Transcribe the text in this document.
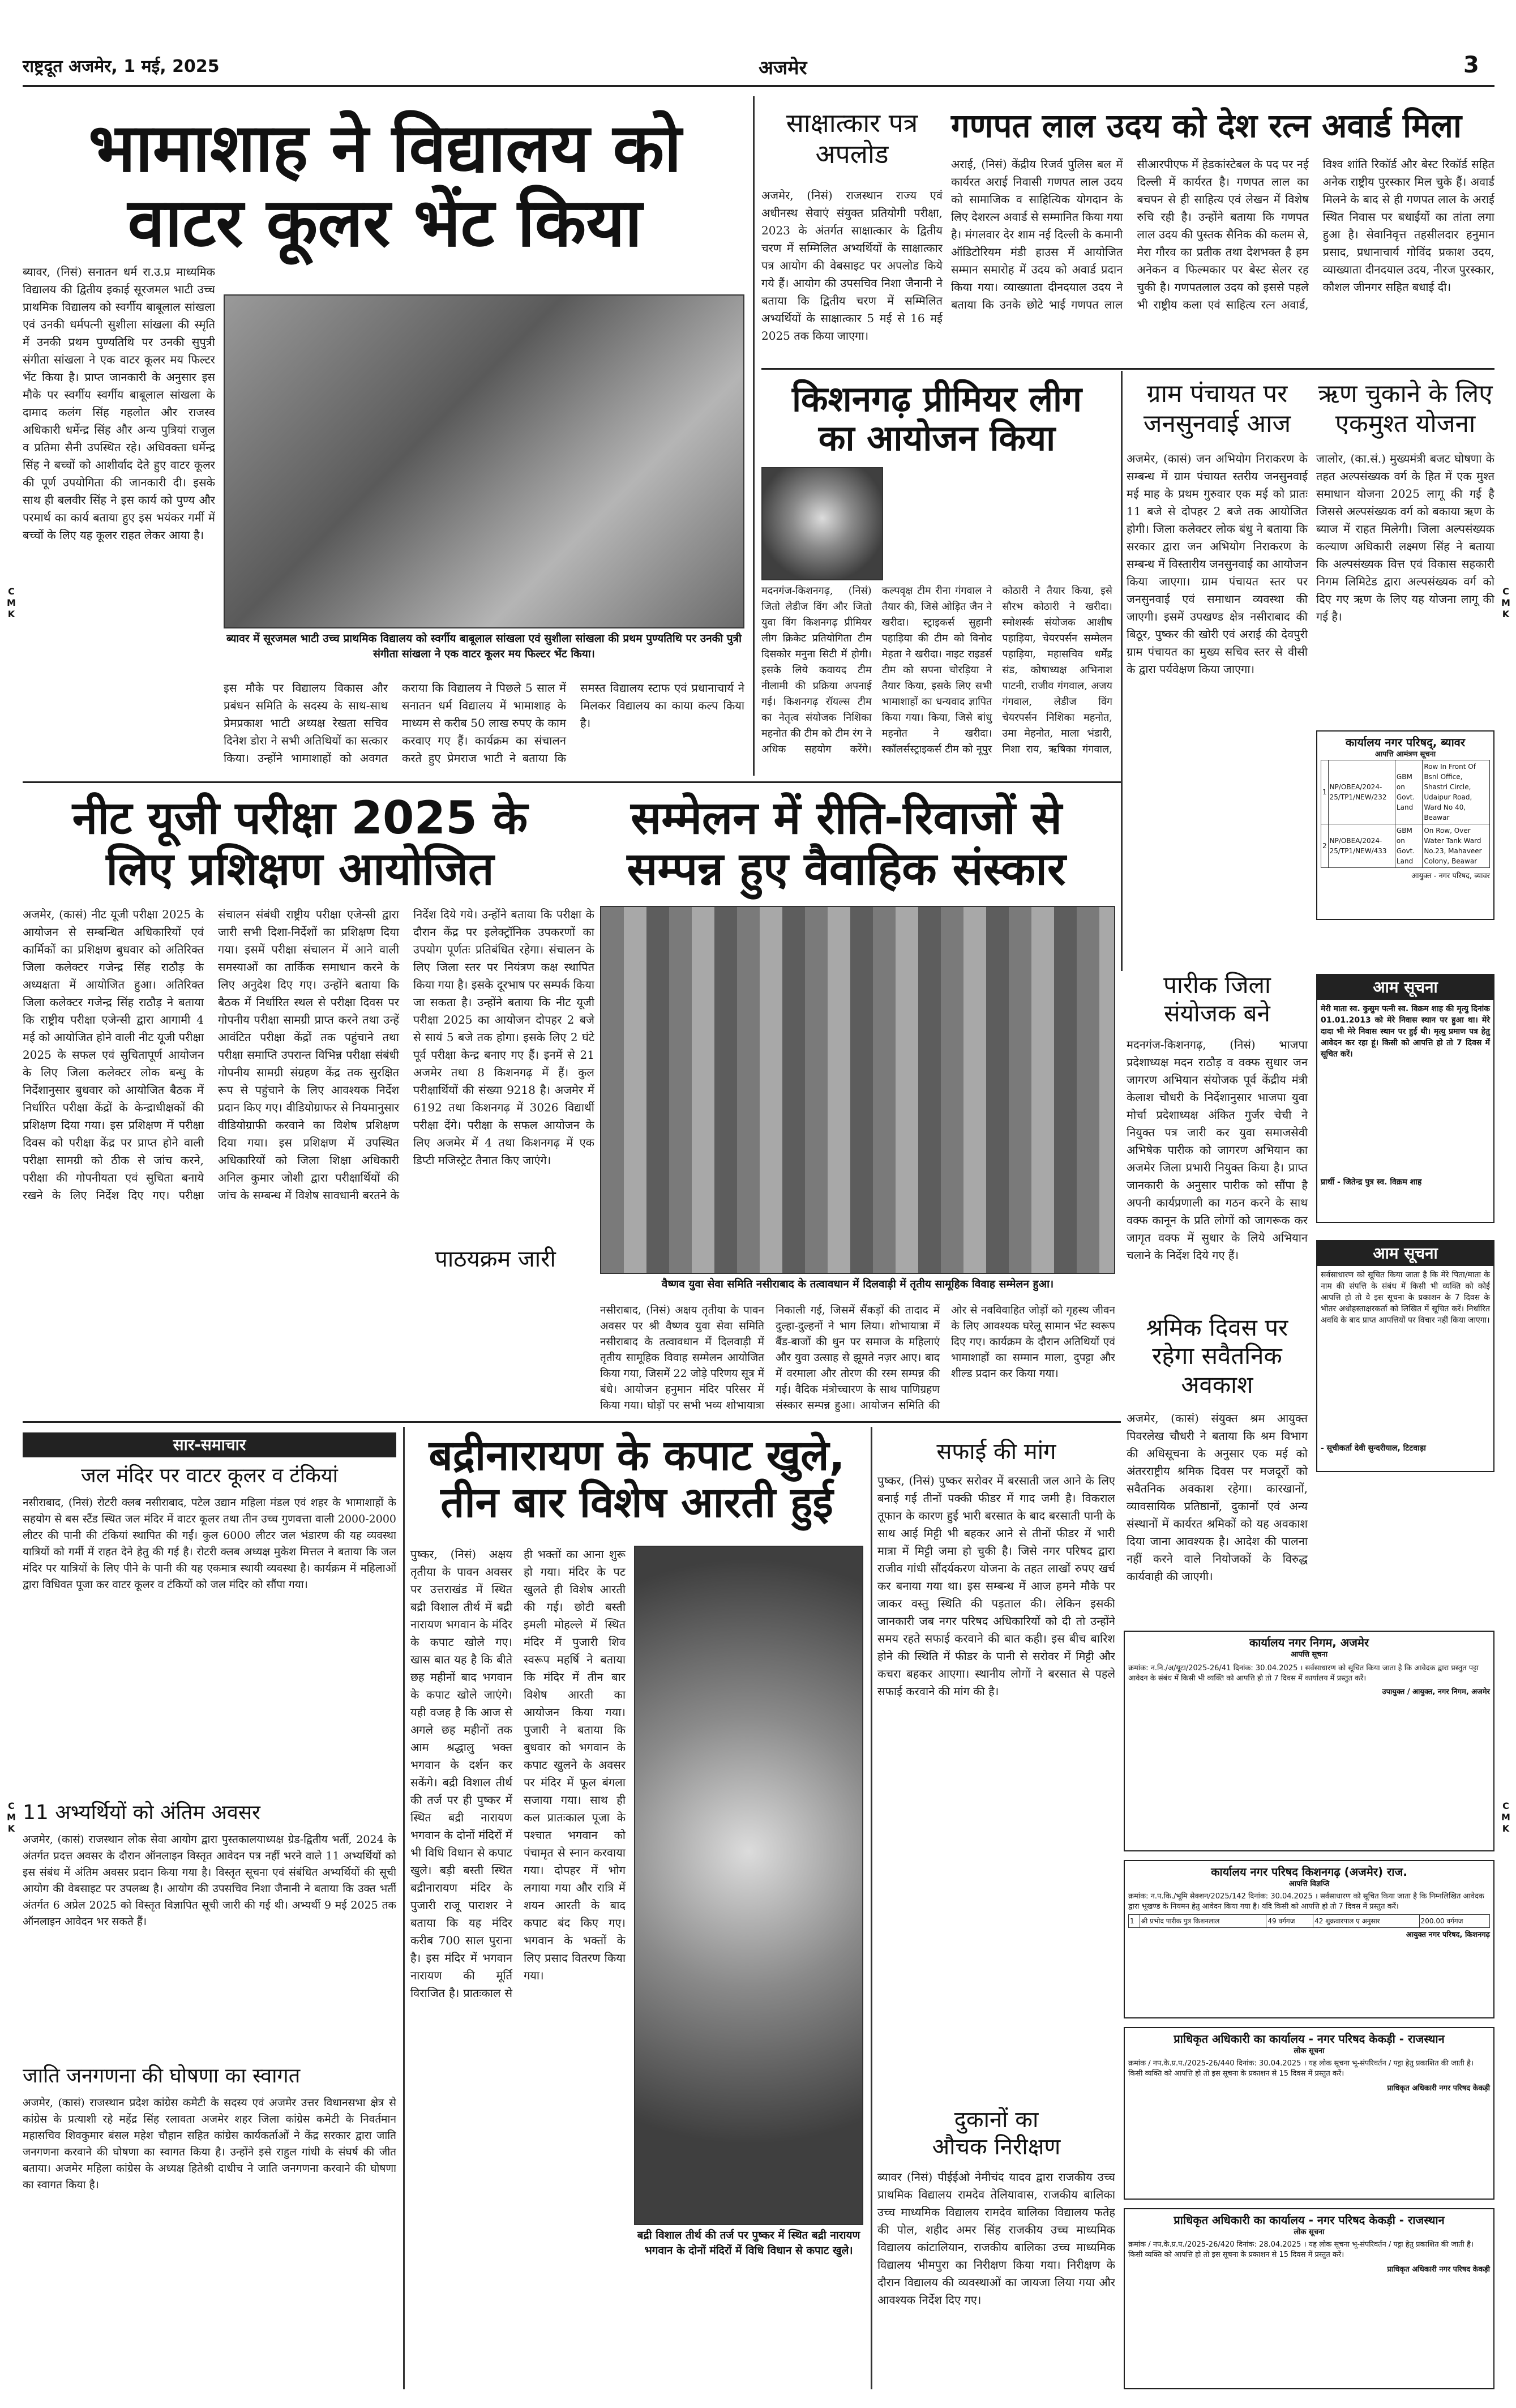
राष्ट्रदूत अजमेर, 1 मई, 2025	अजमेर	3
C
M
K
C
M
K
C
M
K
C
M
K
भामाशाह ने विद्यालय को
वाटर कूलर भेंट किया
ब्यावर, (निसं) सनातन धर्म रा.उ.प्र माध्यमिक विद्यालय की द्वितीय इकाई सूरजमल भाटी उच्च प्राथमिक विद्यालय को स्वर्गीय बाबूलाल सांखला एवं उनकी धर्मपत्नी सुशीला सांखला की स्मृति में उनकी प्रथम पुण्यतिथि पर उनकी सुपुत्री संगीता सांखला ने एक वाटर कूलर मय फिल्टर भेंट किया है। प्राप्त जानकारी के अनुसार इस मौके पर स्वर्गीय स्वर्गीय बाबूलाल सांखला के दामाद कलंग सिंह गहलोत और राजस्व अधिकारी धर्मेन्द्र सिंह और अन्य पुत्रियां राजुल व प्रतिमा सैनी उपस्थित रहे। अधिवक्ता धर्मेन्द्र सिंह ने बच्चों को आशीर्वाद देते हुए वाटर कूलर की पूर्ण उपयोगिता की जानकारी दी। इसके साथ ही बलवीर सिंह ने इस कार्य को पुण्य और परमार्थ का कार्य बताया हुए इस भयंकर गर्मी में बच्चों के लिए यह कूलर राहत लेकर आया है।
ब्यावर में सूरजमल भाटी उच्च प्राथमिक विद्यालय को स्वर्गीय बाबूलाल सांखला एवं सुशीला सांखला की प्रथम पुण्यतिथि पर उनकी पुत्री संगीता सांखला ने एक वाटर कूलर मय फिल्टर भेंट किया।
इस मौके पर विद्यालय विकास और प्रबंधन समिति के सदस्य के साथ-साथ प्रेमप्रकाश भाटी अध्यक्ष रेखता सचिव दिनेश डोरा ने सभी अतिथियों का सत्कार किया। उन्होंने भामाशाहों को अवगत कराया कि विद्यालय ने पिछले 5 साल में सनातन धर्म विद्यालय में भामाशाह के माध्यम से करीब 50 लाख रुपए के काम करवाए गए हैं। कार्यक्रम का संचालन करते हुए प्रेमराज भाटी ने बताया कि समस्त विद्यालय स्टाफ एवं प्रधानाचार्य ने मिलकर विद्यालय का काया कल्प किया है।
साक्षात्कार पत्र
अपलोड
अजमेर, (निसं) राजस्थान राज्य एवं अधीनस्थ सेवाएं संयुक्त प्रतियोगी परीक्षा, 2023 के अंतर्गत साक्षात्कार के द्वितीय चरण में सम्मिलित अभ्यर्थियों के साक्षात्कार पत्र आयोग की वेबसाइट पर अपलोड किये गये हैं। आयोग की उपसचिव निशा जैनानी ने बताया कि द्वितीय चरण में सम्मिलित अभ्यर्थियों के साक्षात्कार 5 मई से 16 मई 2025 तक किया जाएगा।
गणपत लाल उदय को देश रत्न अवार्ड मिला
अराई, (निसं) केंद्रीय रिजर्व पुलिस बल में कार्यरत अराई निवासी गणपत लाल उदय को सामाजिक व साहित्यिक योगदान के लिए देशरत्न अवार्ड से सम्मानित किया गया है। मंगलवार देर शाम नई दिल्ली के कमानी ऑडिटोरियम मंडी हाउस में आयोजित सम्मान समारोह में उदय को अवार्ड प्रदान किया गया। व्याख्याता दीनदयाल उदय ने बताया कि उनके छोटे भाई गणपत लाल सीआरपीएफ में हेडकांस्टेबल के पद पर नई दिल्ली में कार्यरत है। गणपत लाल का बचपन से ही साहित्य एवं लेखन में विशेष रुचि रही है। उन्होंने बताया कि गणपत लाल उदय की पुस्तक सैनिक की कलम से, मेरा गौरव का प्रतीक तथा देशभक्त है हम अनेकन व फिल्मकार पर बेस्ट सेलर रह चुकी है। गणपतलाल उदय को इससे पहले भी राष्ट्रीय कला एवं साहित्य रत्न अवार्ड, विश्व शांति रिकॉर्ड और बेस्ट रिकॉर्ड सहित अनेक राष्ट्रीय पुरस्कार मिल चुके हैं। अवार्ड मिलने के बाद से ही गणपत लाल के अराई स्थित निवास पर बधाईयों का तांता लगा हुआ है। सेवानिवृत्त तहसीलदार हनुमान प्रसाद, प्रधानाचार्य गोविंद प्रकाश उदय, व्याख्याता दीनदयाल उदय, नीरज पुरस्कार, कौशल जीनगर सहित बधाई दी।
किशनगढ़ प्रीमियर लीग
का आयोजन किया
मदनगंज-किशनगढ़, (निसं) जितो लेडीज विंग और जितो युवा विंग किशनगढ़ प्रीमियर लीग क्रिकेट प्रतियोगिता टीम दिसकोर मनुना सिटी में होगी। इसके लिये कवायद टीम नीलामी की प्रक्रिया अपनाई गई। किशनगढ़ रॉयल्स टीम का नेतृत्व संयोजक निशिका महनोत की टीम को टीम रंग ने अधिक सहयोग करेंगे। कल्पवृक्ष टीम रीना गंगवाल ने तैयार की, जिसे ओड़ित जैन ने खरीदा। स्ट्राइकर्स सुहानी पहाड़िया की टीम को विनोद मेहता ने खरीदा। नाइट राइडर्स टीम को सपना चोरड़िया ने तैयार किया, इसके लिए सभी भामाशाहों का धन्यवाद ज्ञापित किया गया। किया, जिसे बांधु महनोत ने खरीदा। स्कॉलर्सस्ट्राइकर्स टीम को नूपुर कोठारी ने तैयार किया, इसे सौरभ कोठारी ने खरीदा। स्मोशर्स्क संयोजक आशीष पहाड़िया, चेयरपर्सन सम्मेलन पहाड़िया, महासचिव धर्मेंद्र संड, कोषाध्यक्ष अभिनाश पाटनी, राजीव गंगवाल, अजय गंगवाल, लेडीज विंग चेयरपर्सन निशिका महनोत, उमा मेहनोत, माला भंडारी, निशा राय, ऋषिका गंगवाल,
ग्राम पंचायत पर
जनसुनवाई आज
अजमेर, (कासं) जन अभियोग निराकरण के सम्बन्ध में ग्राम पंचायत स्तरीय जनसुनवाई मई माह के प्रथम गुरुवार एक मई को प्रातः 11 बजे से दोपहर 2 बजे तक आयोजित होगी। जिला कलेक्टर लोक बंधु ने बताया कि सरकार द्वारा जन अभियोग निराकरण के सम्बन्ध में विस्तारीय जनसुनवाई का आयोजन किया जाएगा। ग्राम पंचायत स्तर पर जनसुनवाई एवं समाधान व्यवस्था की जाएगी। इसमें उपखण्ड क्षेत्र नसीराबाद की बिठूर, पुष्कर की खोरी एवं अराई की देवपुरी ग्राम पंचायत का मुख्य सचिव स्तर से वीसी के द्वारा पर्यवेक्षण किया जाएगा।
ऋण चुकाने के लिए
एकमुश्त योजना
जालोर, (का.सं.) मुख्यमंत्री बजट घोषणा के तहत अल्पसंख्यक वर्ग के हित में एक मुश्त समाधान योजना 2025 लागू की गई है जिससे अल्पसंख्यक वर्ग को बकाया ऋण के ब्याज में राहत मिलेगी। जिला अल्पसंख्यक कल्याण अधिकारी लक्ष्मण सिंह ने बताया कि अल्पसंख्यक वित्त एवं विकास सहकारी निगम लिमिटेड द्वारा अल्पसंख्यक वर्ग को दिए गए ऋण के लिए यह योजना लागू की गई है।
कार्यालय नगर परिषद्, ब्यावर
आपत्ति आमंत्रण सूचना
1	NP/OBEA/2024-25/TP1/NEW/232	GBM on Govt. Land	Row In Front Of Bsnl Office, Shastri Circle, Udaipur Road, Ward No 40, Beawar
2	NP/OBEA/2024-25/TP1/NEW/433	GBM on Govt. Land	On Row, Over Water Tank Ward No.23, Mahaveer Colony, Beawar
आयुक्त - नगर परिषद, ब्यावर
नीट यूजी परीक्षा 2025 के
लिए प्रशिक्षण आयोजित
अजमेर, (कासं) नीट यूजी परीक्षा 2025 के आयोजन से सम्बन्धित अधिकारियों एवं कार्मिकों का प्रशिक्षण बुधवार को अतिरिक्त जिला कलेक्टर गजेन्द्र सिंह राठौड़ के अध्यक्षता में आयोजित हुआ। अतिरिक्त जिला कलेक्टर गजेन्द्र सिंह राठौड़ ने बताया कि राष्ट्रीय परीक्षा एजेन्सी द्वारा आगामी 4 मई को आयोजित होने वाली नीट यूजी परीक्षा 2025 के सफल एवं सुचितापूर्ण आयोजन के लिए जिला कलेक्टर लोक बन्धु के निर्देशानुसार बुधवार को आयोजित बैठक में निर्धारित परीक्षा केंद्रों के केन्द्राधीक्षकों की प्रशिक्षण दिया गया। इस प्रशिक्षण में परीक्षा दिवस को परीक्षा केंद्र पर प्राप्त होने वाली परीक्षा सामग्री को ठीक से जांच करने, परीक्षा की गोपनीयता एवं सुचिता बनाये रखने के लिए निर्देश दिए गए। परीक्षा संचालन संबंधी राष्ट्रीय परीक्षा एजेन्सी द्वारा जारी सभी दिशा-निर्देशों का प्रशिक्षण दिया गया। इसमें परीक्षा संचालन में आने वाली समस्याओं का तार्किक समाधान करने के लिए अनुदेश दिए गए। उन्होंने बताया कि बैठक में निर्धारित स्थल से परीक्षा दिवस पर गोपनीय परीक्षा सामग्री प्राप्त करने तथा उन्हें आवंटित परीक्षा केंद्रों तक पहुंचाने तथा परीक्षा समाप्ति उपरान्त विभिन्न परीक्षा संबंधी गोपनीय सामग्री संग्रहण केंद्र तक सुरक्षित रूप से पहुंचाने के लिए आवश्यक निर्देश प्रदान किए गए। वीडियोग्राफर से नियमानुसार वीडियोग्राफी करवाने का विशेष प्रशिक्षण दिया गया। इस प्रशिक्षण में उपस्थित अधिकारियों को जिला शिक्षा अधिकारी अनिल कुमार जोशी द्वारा परीक्षार्थियों की जांच के सम्बन्ध में विशेष सावधानी बरतने के निर्देश दिये गये। उन्होंने बताया कि परीक्षा के दौरान केंद्र पर इलेक्ट्रॉनिक उपकरणों का उपयोग पूर्णतः प्रतिबंधित रहेगा। संचालन के लिए जिला स्तर पर नियंत्रण कक्ष स्थापित किया गया है। इसके दूरभाष पर सम्पर्क किया जा सकता है। उन्होंने बताया कि नीट यूजी परीक्षा 2025 का आयोजन दोपहर 2 बजे से सायं 5 बजे तक होगा। इसके लिए 2 घंटे पूर्व परीक्षा केन्द्र बनाए गए हैं। इनमें से 21 अजमेर तथा 8 किशनगढ़ में हैं। कुल परीक्षार्थियों की संख्या 9218 है। अजमेर में 6192 तथा किशनगढ़ में 3026 विद्यार्थी परीक्षा देंगे। परीक्षा के सफल आयोजन के लिए अजमेर में 4 तथा किशनगढ़ में एक डिप्टी मजिस्ट्रेट तैनात किए जाएंगे।
सम्मेलन में रीति-रिवाजों से
सम्पन्न हुए वैवाहिक संस्कार
वैष्णव युवा सेवा समिति नसीराबाद के तत्वावधान में दिलवाड़ी में तृतीय सामूहिक विवाह सम्मेलन हुआ।
नसीराबाद, (निसं) अक्षय तृतीया के पावन अवसर पर श्री वैष्णव युवा सेवा समिति नसीराबाद के तत्वावधान में दिलवाड़ी में तृतीय सामूहिक विवाह सम्मेलन आयोजित किया गया, जिसमें 22 जोड़े परिणय सूत्र में बंधे। आयोजन हनुमान मंदिर परिसर में किया गया। घोड़ों पर सभी भव्य शोभायात्रा निकाली गई, जिसमें सैंकड़ों की तादाद में दुल्हा-दुल्हनों ने भाग लिया। शोभायात्रा में बैंड-बाजों की धुन पर समाज के महिलाएं और युवा उत्साह से झूमते नज़र आए। बाद में वरमाला और तोरण की रस्म सम्पन्न की गई। वैदिक मंत्रोच्चारण के साथ पाणिग्रहण संस्कार सम्पन्न हुआ। आयोजन समिति की ओर से नवविवाहित जोड़ों को गृहस्थ जीवन के लिए आवश्यक घरेलू सामान भेंट स्वरूप दिए गए। कार्यक्रम के दौरान अतिथियों एवं भामाशाहों का सम्मान माला, दुपट्टा और शील्ड प्रदान कर किया गया।
पाठयक्रम जारी
पारीक जिला
संयोजक बने
मदनगंज-किशनगढ़, (निसं) भाजपा प्रदेशाध्यक्ष मदन राठौड़ व वक्फ सुधार जन जागरण अभियान संयोजक पूर्व केंद्रीय मंत्री केलाश चौधरी के निर्देशानुसार भाजपा युवा मोर्चा प्रदेशाध्यक्ष अंकित गुर्जर चेची ने नियुक्त पत्र जारी कर युवा समाजसेवी अभिषेक पारीक को जागरण अभियान का अजमेर जिला प्रभारी नियुक्त किया है। प्राप्त जानकारी के अनुसार पारीक को सौंपा है अपनी कार्यप्रणाली का गठन करने के साथ वक्फ कानून के प्रति लोगों को जागरूक कर जागृत वक्फ में सुधार के लिये अभियान चलाने के निर्देश दिये गए हैं।
आम सूचना
मेरी माता स्व. कुसुम पत्नी स्व. विक्रम शाह की मृत्यु दिनांक 01.01.2013 को मेरे निवास स्थान पर हुआ था। मेरे दादा भी मेरे निवास स्थान पर हुई थी। मृत्यु प्रमाण पत्र हेतु आवेदन कर रहा हूं। किसी को आपत्ति हो तो 7 दिवस में सूचित करें।
प्रार्थी - जितेन्द्र पुत्र स्व. विक्रम शाह
श्रमिक दिवस पर
रहेगा सवैतनिक
अवकाश
अजमेर, (कासं) संयुक्त श्रम आयुक्त पिवरलेख चौधरी ने बताया कि श्रम विभाग की अधिसूचना के अनुसार एक मई को अंतरराष्ट्रीय श्रमिक दिवस पर मजदूरों को सवैतनिक अवकाश रहेगा। कारखानों, व्यावसायिक प्रतिष्ठानों, दुकानों एवं अन्य संस्थानों में कार्यरत श्रमिकों को यह अवकाश दिया जाना आवश्यक है। आदेश की पालना नहीं करने वाले नियोजकों के विरुद्ध कार्यवाही की जाएगी।
आम सूचना
सर्वसाधारण को सूचित किया जाता है कि मेरे पिता/माता के नाम की संपत्ति के संबंध में किसी भी व्यक्ति को कोई आपत्ति हो तो वे इस सूचना के प्रकाशन के 7 दिवस के भीतर अधोहस्ताक्षरकर्ता को लिखित में सूचित करें। निर्धारित अवधि के बाद प्राप्त आपत्तियों पर विचार नहीं किया जाएगा।
- सूचीकर्ता देवी सुन्दरीयाल, टिटवाड़ा
सार-समाचार
जल मंदिर पर वाटर कूलर व टंकियां
नसीराबाद, (निसं) रोटरी क्लब नसीराबाद, पटेल उद्यान महिला मंडल एवं शहर के भामाशाहों के सहयोग से बस स्टैंड स्थित जल मंदिर में वाटर कूलर तथा तीन उच्च गुणवत्ता वाली 2000-2000 लीटर की पानी की टंकियां स्थापित की गईं। कुल 6000 लीटर जल भंडारण की यह व्यवस्था यात्रियों को गर्मी में राहत देने हेतु की गई है। रोटरी क्लब अध्यक्ष मुकेश मित्तल ने बताया कि जल मंदिर पर यात्रियों के लिए पीने के पानी की यह एकमात्र स्थायी व्यवस्था है। कार्यक्रम में महिलाओं द्वारा विधिवत पूजा कर वाटर कूलर व टंकियों को जल मंदिर को सौंपा गया।
11 अभ्यर्थियों को अंतिम अवसर
अजमेर, (कासं) राजस्थान लोक सेवा आयोग द्वारा पुस्तकालयाध्यक्ष ग्रेड-द्वितीय भर्ती, 2024 के अंतर्गत प्रदत्त अवसर के दौरान ऑनलाइन विस्तृत आवेदन पत्र नहीं भरने वाले 11 अभ्यर्थियों को इस संबंध में अंतिम अवसर प्रदान किया गया है। विस्तृत सूचना एवं संबंधित अभ्यर्थियों की सूची आयोग की वेबसाइट पर उपलब्ध है। आयोग की उपसचिव निशा जैनानी ने बताया कि उक्त भर्ती अंतर्गत 6 अप्रेल 2025 को विस्तृत विज्ञापित सूची जारी की गई थी। अभ्यर्थी 9 मई 2025 तक ऑनलाइन आवेदन भर सकते हैं।
जाति जनगणना की घोषणा का स्वागत
अजमेर, (कासं) राजस्थान प्रदेश कांग्रेस कमेटी के सदस्य एवं अजमेर उत्तर विधानसभा क्षेत्र से कांग्रेस के प्रत्याशी रहे महेंद्र सिंह रलावता अजमेर शहर जिला कांग्रेस कमेटी के निवर्तमान महासचिव शिवकुमार बंसल महेश चौहान सहित कांग्रेस कार्यकर्ताओं ने केंद्र सरकार द्वारा जाति जनगणना करवाने की घोषणा का स्वागत किया है। उन्होंने इसे राहुल गांधी के संघर्ष की जीत बताया। अजमेर महिला कांग्रेस के अध्यक्ष हितेश्री दाधीच ने जाति जनगणना करवाने की घोषणा का स्वागत किया है।
बद्रीनारायण के कपाट खुले,
तीन बार विशेष आरती हुई
पुष्कर, (निसं) अक्षय तृतीया के पावन अवसर पर उत्तराखंड में स्थित बद्री विशाल तीर्थ में बद्री नारायण भगवान के मंदिर के कपाट खोले गए। खास बात यह है कि बीते छह महीनों बाद भगवान के कपाट खोले जाएंगे। यही वजह है कि आज से अगले छह महीनों तक आम श्रद्धालु भक्त भगवान के दर्शन कर सकेंगे। बद्री विशाल तीर्थ की तर्ज पर ही पुष्कर में स्थित बद्री नारायण भगवान के दोनों मंदिरों में भी विधि विधान से कपाट खुले। बड़ी बस्ती स्थित बद्रीनारायण मंदिर के पुजारी राजू पाराशर ने बताया कि यह मंदिर करीब 700 साल पुराना है। इस मंदिर में भगवान नारायण की मूर्ति विराजित है। प्रातःकाल से ही भक्तों का आना शुरू हो गया। मंदिर के पट खुलते ही विशेष आरती की गई। छोटी बस्ती इमली मोहल्ले में स्थित मंदिर में पुजारी शिव स्वरूप महर्षि ने बताया कि मंदिर में तीन बार विशेष आरती का आयोजन किया गया। पुजारी ने बताया कि बुधवार को भगवान के कपाट खुलने के अवसर पर मंदिर में फूल बंगला सजाया गया। साथ ही कल प्रातःकाल पूजा के पश्चात भगवान को पंचामृत से स्नान करवाया गया। दोपहर में भोग लगाया गया और रात्रि में शयन आरती के बाद कपाट बंद किए गए। भगवान के भक्तों के लिए प्रसाद वितरण किया गया।
बद्री विशाल तीर्थ की तर्ज पर पुष्कर में स्थित बद्री नारायण भगवान के दोनों मंदिरों में विधि विधान से कपाट खुले।
सफाई की मांग
पुष्कर, (निसं) पुष्कर सरोवर में बरसाती जल आने के लिए बनाई गई तीनों पक्की फीडर में गाद जमी है। विकराल तूफान के कारण हुई भारी बरसात के बाद बरसाती पानी के साथ आई मिट्टी भी बहकर आने से तीनों फीडर में भारी मात्रा में मिट्टी जमा हो चुकी है। जिसे नगर परिषद द्वारा राजीव गांधी सौंदर्यकरण योजना के तहत लाखों रुपए खर्च कर बनाया गया था। इस सम्बन्ध में आज हमने मौके पर जाकर वस्तु स्थिति की पड़ताल की। लेकिन इसकी जानकारी जब नगर परिषद अधिकारियों को दी तो उन्होंने समय रहते सफाई करवाने की बात कही। इस बीच बारिश होने की स्थिति में फीडर के पानी से सरोवर में मिट्टी और कचरा बहकर आएगा। स्थानीय लोगों ने बरसात से पहले सफाई करवाने की मांग की है।
दुकानों का
औचक निरीक्षण
ब्यावर (निसं) पीईईओ नेमीचंद यादव द्वारा राजकीय उच्च प्राथमिक विद्यालय रामदेव तेलियावास, राजकीय बालिका उच्च माध्यमिक विद्यालय रामदेव बालिका विद्यालय फतेह की पोल, शहीद अमर सिंह राजकीय उच्च माध्यमिक विद्यालय कांटालियान, राजकीय बालिका उच्च माध्यमिक विद्यालय भीमपुरा का निरीक्षण किया गया। निरीक्षण के दौरान विद्यालय की व्यवस्थाओं का जायजा लिया गया और आवश्यक निर्देश दिए गए।
कार्यालय नगर निगम, अजमेर
आपत्ति सूचना
क्रमांक: न.नि./अ/यूटा/2025-26/41 दिनांक: 30.04.2025 । सर्वसाधारण को सूचित किया जाता है कि आवेदक द्वारा प्रस्तुत पट्टा आवेदन के संबंध में किसी भी व्यक्ति को आपत्ति हो तो 7 दिवस में कार्यालय में प्रस्तुत करें।
उपायुक्त / आयुक्त, नगर निगम, अजमेर
कार्यालय नगर परिषद किशनगढ़ (अजमेर) राज.
आपत्ति विज्ञप्ति
क्रमांक: न.प.कि./भूमि सेक्शन/2025/142 दिनांक: 30.04.2025 । सर्वसाधारण को सूचित किया जाता है कि निम्नलिखित आवेदक द्वारा भूखण्ड के नियमन हेतु आवेदन किया गया है। यदि किसी को आपत्ति हो तो 7 दिवस में प्रस्तुत करें।
1	श्री प्रभोद पारीक पुत्र किशनलाल	49 वर्गगज	42 शुक्रवारपाल ए अनुसार	200.00 वर्गगज
आयुक्त नगर परिषद, किशनगढ़
प्राधिकृत अधिकारी का कार्यालय - नगर परिषद केकड़ी - राजस्थान
लोक सूचना
क्रमांक / नप.के.प्र.प./2025-26/440 दिनांक: 30.04.2025 । यह लोक सूचना भू-संपरिवर्तन / पट्टा हेतु प्रकाशित की जाती है। किसी व्यक्ति को आपत्ति हो तो इस सूचना के प्रकाशन से 15 दिवस में प्रस्तुत करें।
प्राधिकृत अधिकारी नगर परिषद केकड़ी
प्राधिकृत अधिकारी का कार्यालय - नगर परिषद केकड़ी - राजस्थान
लोक सूचना
क्रमांक / नप.के.प्र.प./2025-26/420 दिनांक: 28.04.2025 । यह लोक सूचना भू-संपरिवर्तन / पट्टा हेतु प्रकाशित की जाती है। किसी व्यक्ति को आपत्ति हो तो इस सूचना के प्रकाशन से 15 दिवस में प्रस्तुत करें।
प्राधिकृत अधिकारी नगर परिषद केकड़ी
